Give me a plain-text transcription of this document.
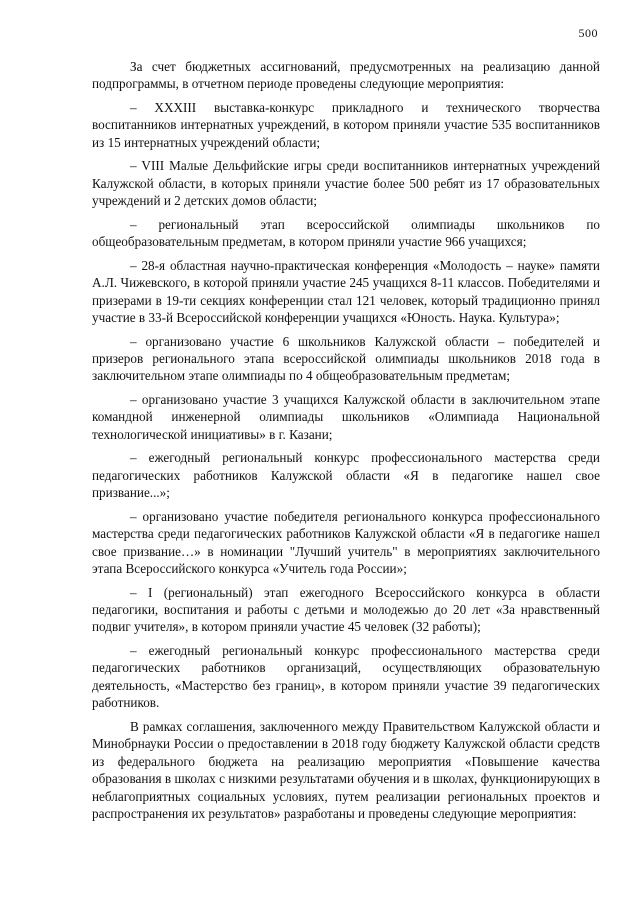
500

За счет бюджетных ассигнований, предусмотренных на реализацию данной подпрограммы, в отчетном периоде проведены следующие мероприятия:

– XXXIII выставка-конкурс прикладного и технического творчества воспитанников интернатных учреждений, в котором приняли участие 535 воспитанников из 15 интернатных учреждений области;

– VIII Малые Дельфийские игры среди воспитанников интернатных учреждений Калужской области, в которых приняли участие более 500 ребят из 17 образовательных учреждений и 2 детских домов области;

– региональный этап всероссийской олимпиады школьников по общеобразовательным предметам, в котором приняли участие 966 учащихся;

– 28-я областная научно-практическая конференция «Молодость – науке» памяти А.Л. Чижевского, в которой приняли участие 245 учащихся 8-11 классов. Победителями и призерами в 19-ти секциях конференции стал 121 человек, который традиционно принял участие в 33-й Всероссийской конференции учащихся «Юность. Наука. Культура»;

– организовано участие 6 школьников Калужской области – победителей и призеров регионального этапа всероссийской олимпиады школьников 2018 года в заключительном этапе олимпиады по 4 общеобразовательным предметам;

– организовано участие 3 учащихся Калужской области в заключительном этапе командной инженерной олимпиады школьников «Олимпиада Национальной технологической инициативы» в г. Казани;

– ежегодный региональный конкурс профессионального мастерства среди педагогических работников Калужской области «Я в педагогике нашел свое призвание...»;

– организовано участие победителя регионального конкурса профессионального мастерства среди педагогических работников Калужской области «Я в педагогике нашел свое призвание…» в номинации "Лучший учитель" в мероприятиях заключительного этапа Всероссийского конкурса «Учитель года России»;

– I (региональный) этап ежегодного Всероссийского конкурса в области педагогики, воспитания и работы с детьми и молодежью до 20 лет «За нравственный подвиг учителя», в котором приняли участие 45 человек (32 работы);

– ежегодный региональный конкурс профессионального мастерства среди педагогических работников организаций, осуществляющих образовательную деятельность, «Мастерство без границ», в котором приняли участие 39 педагогических работников.

В рамках соглашения, заключенного между Правительством Калужской области и Минобрнауки России о предоставлении в 2018 году бюджету Калужской области средств из федерального бюджета на реализацию мероприятия «Повышение качества образования в школах с низкими результатами обучения и в школах, функционирующих в неблагоприятных социальных условиях, путем реализации региональных проектов и распространения их результатов» разработаны и проведены следующие мероприятия:
